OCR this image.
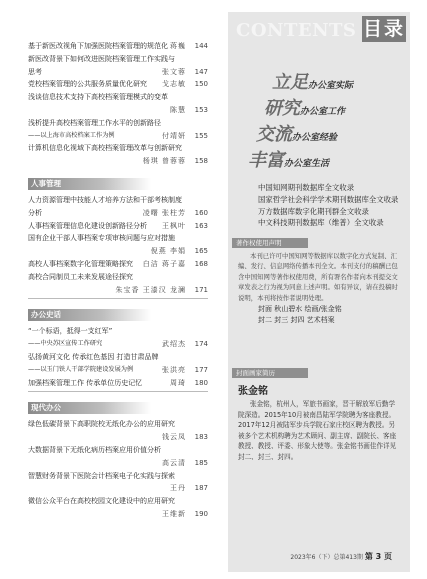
基于新医改视角下加强医院档案管理的规范化 蒋巍 144
新医改背景下如何改进医院档案管理工作实践与
思考	张文蓉 147
党校档案管理的公共服务质量优化研究	戈志敏 150
浅谈信息技术支持下高校档案管理模式的变革

陈慧 153
浅析提升高校档案管理工作水平的创新路径
——以上海市高校档案工作为例	付靖妍 155
计算机信息化视域下高校档案管理改革与创新研究

杨琪 曾蓉蓉 158
人事管理
人力资源管理中技能人才培养方法和干部考核制度
分析	凌曙 张柱芳 160
人事档案管理信息化建设创新路径分析	王枫叶 163
国有企业干部人事档案专项审核问题与应对措施

倪燕 李娟 165
高校人事档案数字化管理策略探究	白洁 蒋子嘉 168
高校合同制员工未来发展途径探究

朱宝香 王漆汉 龙澜 171
办公史话
“一个标语，抵得一支红军”
——中央苏区宣传工作研究	武绍杰 174
弘扬黄河文化 传承红色基因 打造甘肃品牌
——以玉门铁人干部学院建设发展为例	张洪亮 177
加强档案管理工作 传承单位历史记忆	周琦 180
现代办公
绿色低碳背景下高职院校无纸化办公的应用研究

钱云凤 183
大数据背景下无纸化病历档案应用价值分析

高云清 185
智慧财务背景下医院会计档案电子化实践与探索

王丹 187
微信公众平台在高校校园文化建设中的应用研究

王维新 190
CONTENTS 目录
立足办公室实际
研究办公室工作
交流办公室经验
丰富办公室生活
中国知网期刊数据库全文收录
国家哲学社会科学学术期刊数据库全文收录
万方数据库数字化期刊群全文收录
中文科技期刊数据库（维普）全文收录
著作权使用声明
本刊已许可中国知网等数据库以数字化方式复制、汇编、发行、信息网络传播本刊全文。本刊支付的稿酬已包含中国知网等著作权使用费，所有署名作者向本刊提交文章发表之行为视为同意上述声明。如有异议，请在投稿时说明，本刊将按作者说明处理。
封面 秋山碧水 绘画/张金铭
封二 封三 封四 艺术档案
封面画家简历
张金铭
张金铭，杭州人，军旅书画家，晋干解放军后勤学院深造。2015年10月被南昌陆军学院聘为客座教授。2017年12月被陆军步兵学院石家庄校区聘为教授。另被多个艺术机构聘为艺术顾问、副主席、副院长、客座教授、教授、评委、形象大使等。张金铭书画佳作详见封二、封三、封四。
2023年6（下）总第413期 第 3 页
